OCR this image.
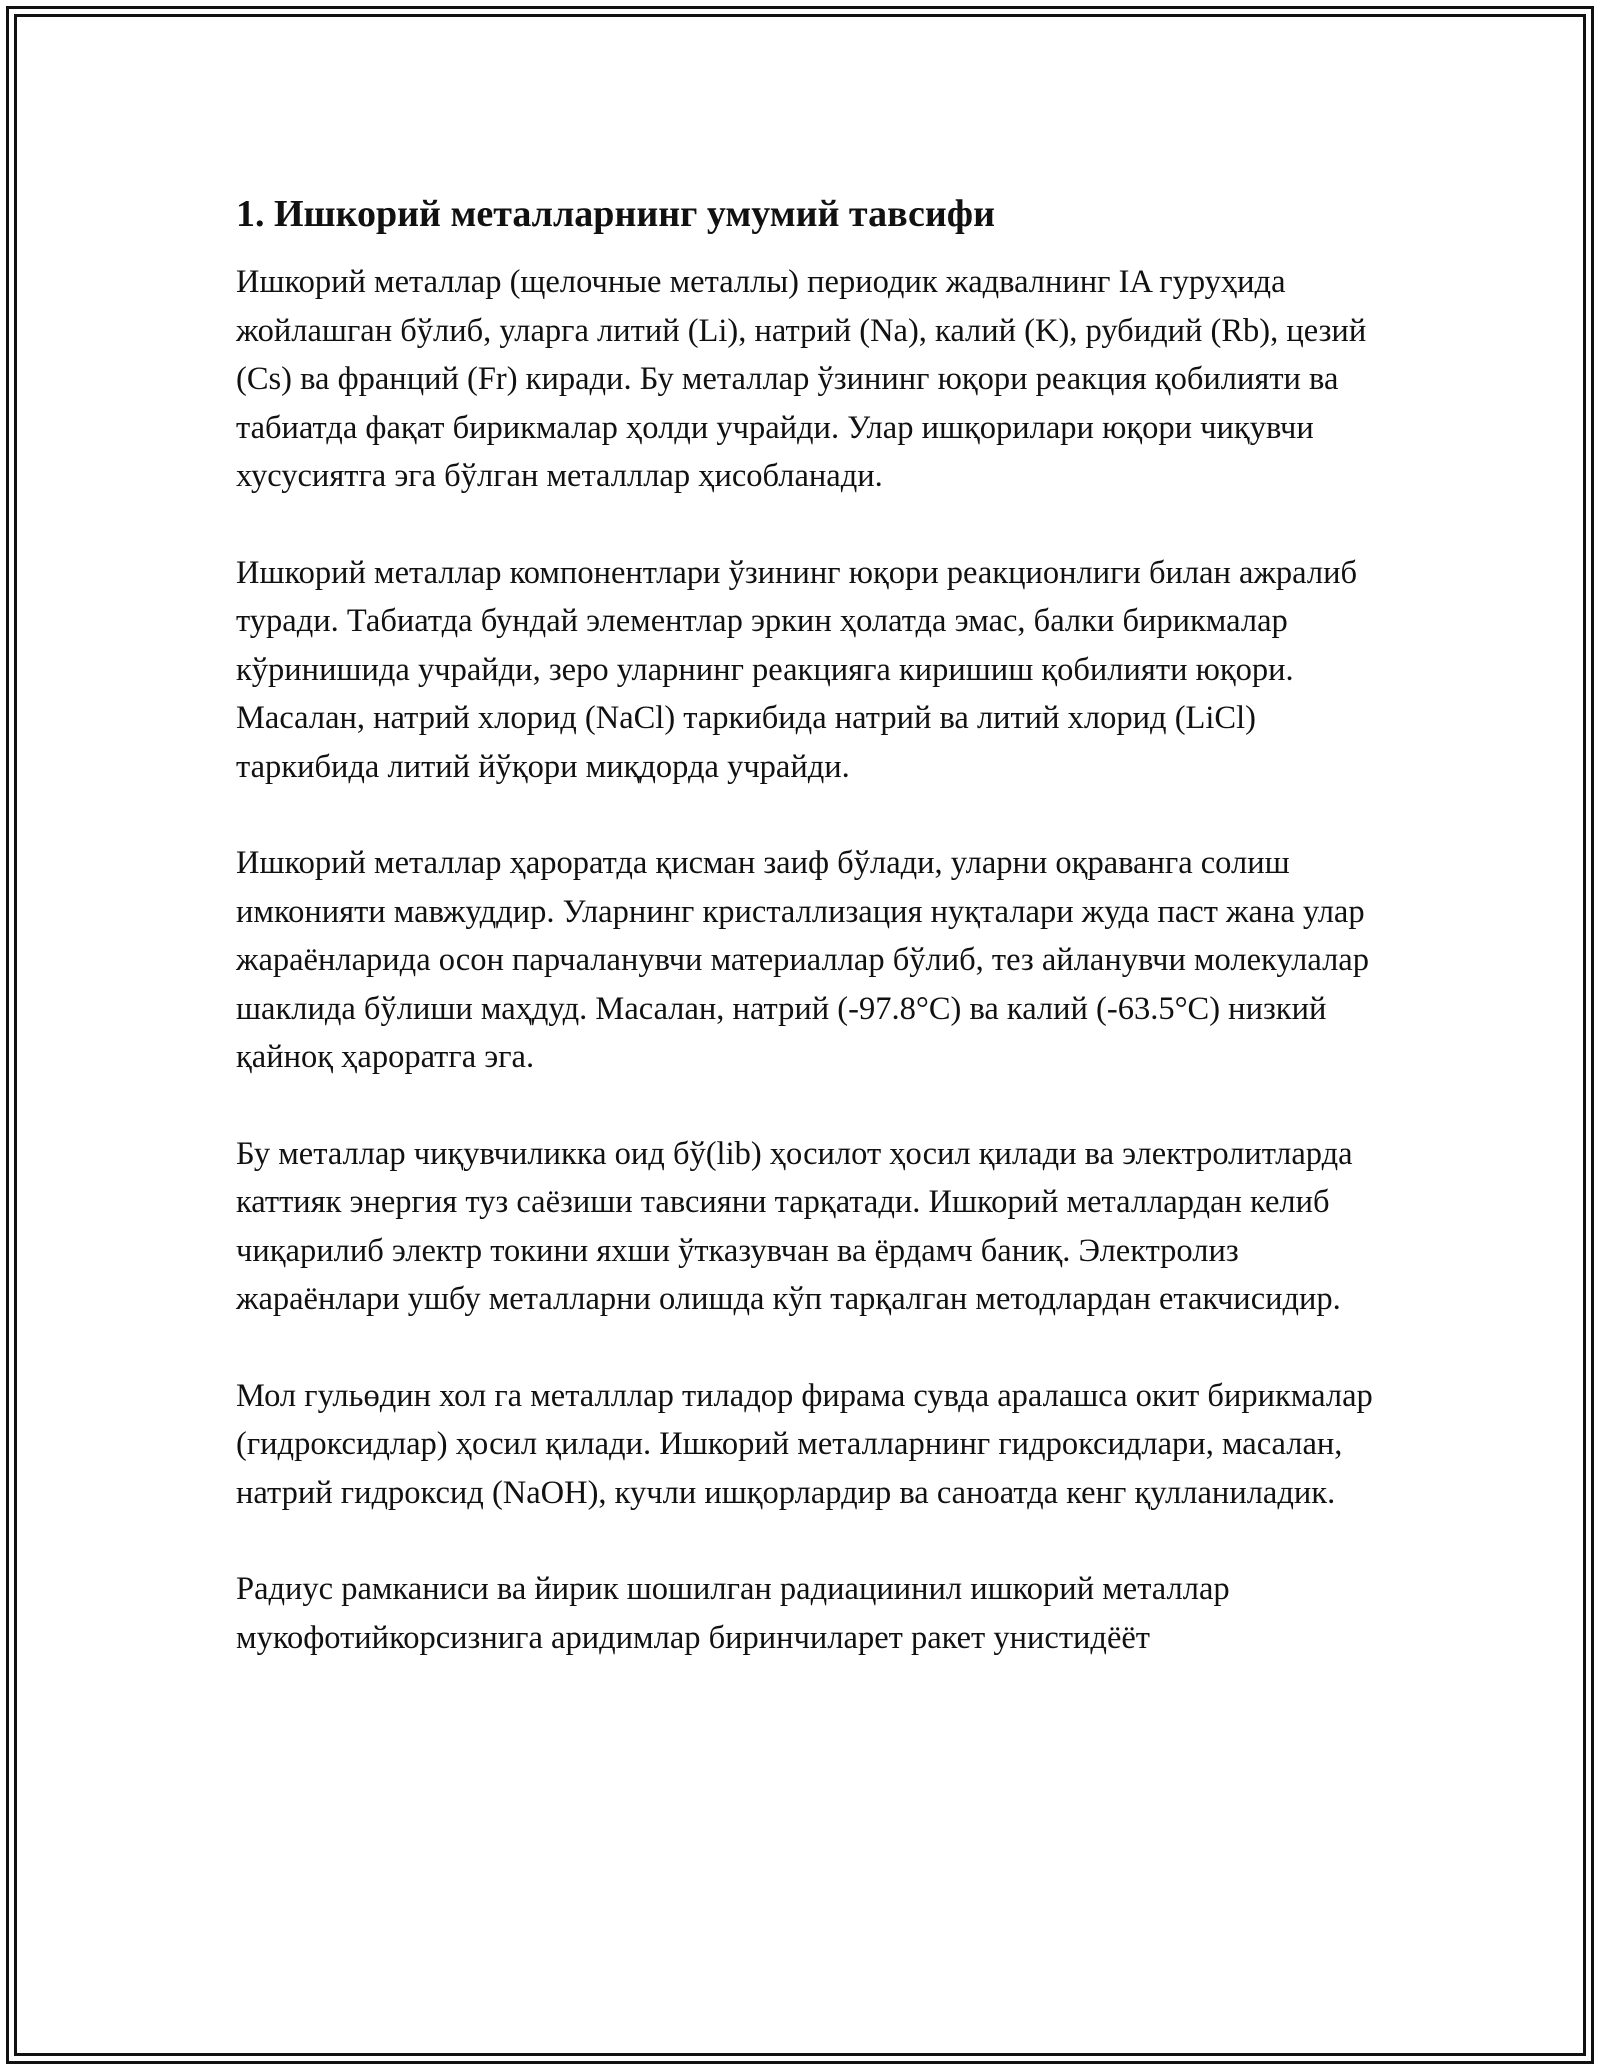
1. Ишкорий металларнинг умумий тавсифи

Ишкорий металлар (щелочные металлы) периодик жадвалнинг IA гуруҳида жойлашган бўлиб, уларга литий (Li), натрий (Na), калий (K), рубидий (Rb), цезий (Cs) ва франций (Fr) киради. Бу металлар ўзининг юқори реакция қобилияти ва табиатда фақат бирикмалар ҳолди учрайди. Улар ишқорилари юқори чиқувчи хусусиятга эга бўлган металллар ҳисобланади.

Ишкорий металлар компонентлари ўзининг юқори реакционлиги билан ажралиб туради. Табиатда бундай элементлар эркин ҳолатда эмас, балки бирикмалар кўринишида учрайди, зеро уларнинг реакцияга киришиш қобилияти юқори. Масалан, натрий хлорид (NaCl) таркибида натрий ва литий хлорид (LiCl) таркибида литий йўқори миқдорда учрайди.

Ишкорий металлар ҳароратда қисман заиф бўлади, уларни оқраванга солиш имконияти мавжуддир. Уларнинг кристаллизация нуқталари жуда паст жана улар жараёнларида осон парчаланувчи материаллар бўлиб, тез айланувчи молекулалар шаклида бўлиши маҳдуд. Масалан, натрий (-97.8°C) ва калий (-63.5°C) низкий қайноқ ҳароратга эга.

Бу металлар чиқувчиликка оид бў(lib) ҳосилот ҳосил қилади ва электролитларда каттияк энергия туз саёзиши тавсияни тарқатади. Ишкорий металлардан келиб чиқарилиб электр токини яхши ўтказувчан ва ёрдамч баниқ. Электролиз жараёнлари ушбу металларни олишда кўп тарқалган методлардан етакчисидир.

Мол гульөдин хол га металллар тиладор фирама сувда аралашса окит бирикмалар (гидроксидлар) ҳосил қилади. Ишкорий металларнинг гидроксидлари, масалан, натрий гидроксид (NaOH), кучли ишқорлардир ва саноатда кенг қулланиладик.

Радиус рамканиси ва йирик шошилган радиациинил ишкорий металлар мукофотийкорсизнига аридимлар биринчиларет ракет унистидёёт
